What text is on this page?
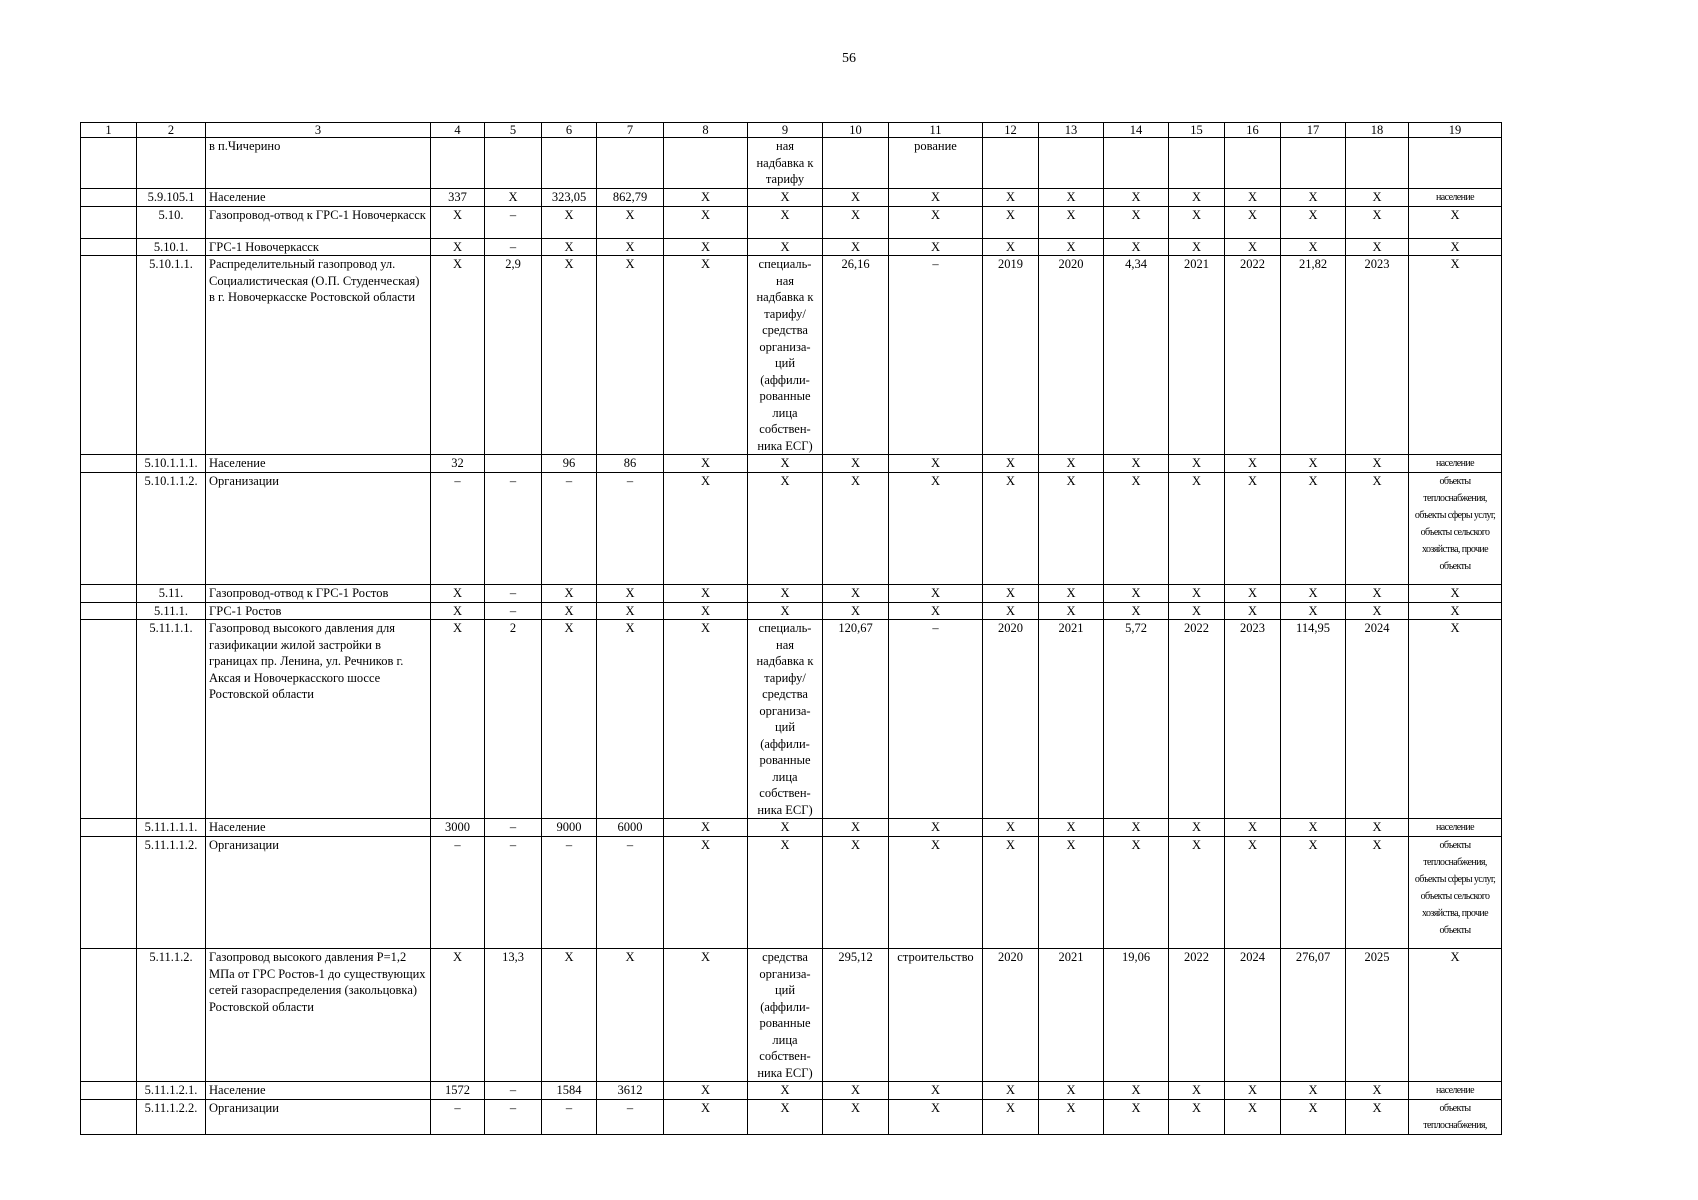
56
1	2	3	4	5	6	7	8	9	10	11	12	13	14	15	16	17	18	19
		в п.Чичерино						ная надбавка к тарифу		рование								
	5.9.105.1	Население	337	X	323,05	862,79	X	X	X	X	X	X	X	X	X	X	X	население
	5.10.	Газопровод-отвод к ГРС-1 Новочеркасск	X	–	X	X	X	X	X	X	X	X	X	X	X	X	X	X
	5.10.1.	ГРС-1 Новочеркасск	X	–	X	X	X	X	X	X	X	X	X	X	X	X	X	X
	5.10.1.1.	Распределительный газопровод ул. Социалистическая (О.П. Студенческая) в г. Новочеркасске Ростовской области	X	2,9	X	X	X	специаль- ная надбавка к тарифу/ средства организа- ций (аффили- рованные лица собствен- ника ЕСГ)	26,16	–	2019	2020	4,34	2021	2022	21,82	2023	X
	5.10.1.1.1.	Население	32		96	86	X	X	X	X	X	X	X	X	X	X	X	население
	5.10.1.1.2.	Организации	–	–	–	–	X	X	X	X	X	X	X	X	X	X	X	объекты теплоснабжения, объекты сферы услуг, объекты сельского хозяйства, прочие объекты
	5.11.	Газопровод-отвод к ГРС-1 Ростов	X	–	X	X	X	X	X	X	X	X	X	X	X	X	X	X
	5.11.1.	ГРС-1 Ростов	X	–	X	X	X	X	X	X	X	X	X	X	X	X	X	X
	5.11.1.1.	Газопровод высокого давления для газификации жилой застройки в границах пр. Ленина, ул. Речников г. Аксая и Новочеркасского шоссе Ростовской области	X	2	X	X	X	специаль- ная надбавка к тарифу/ средства организа- ций (аффили- рованные лица собствен- ника ЕСГ)	120,67	–	2020	2021	5,72	2022	2023	114,95	2024	X
	5.11.1.1.1.	Население	3000	–	9000	6000	X	X	X	X	X	X	X	X	X	X	X	население
	5.11.1.1.2.	Организации	–	–	–	–	X	X	X	X	X	X	X	X	X	X	X	объекты теплоснабжения, объекты сферы услуг, объекты сельского хозяйства, прочие объекты
	5.11.1.2.	Газопровод высокого давления P=1,2 МПа от ГРС Ростов-1 до существующих сетей газораспределения (закольцовка) Ростовской области	X	13,3	X	X	X	средства организа- ций (аффили- рованные лица собствен- ника ЕСГ)	295,12	строительство	2020	2021	19,06	2022	2024	276,07	2025	X
	5.11.1.2.1.	Население	1572	–	1584	3612	X	X	X	X	X	X	X	X	X	X	X	население
	5.11.1.2.2.	Организации	–	–	–	–	X	X	X	X	X	X	X	X	X	X	X	объекты теплоснабжения,
